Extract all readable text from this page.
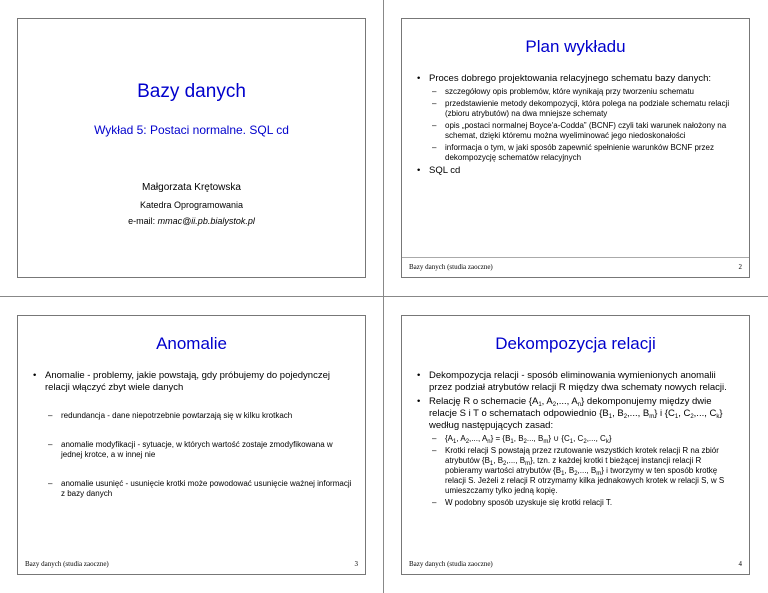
Bazy danych
Wykład 5: Postaci normalne. SQL cd
Małgorzata Krętowska
Katedra Oprogramowania
e-mail: mmac@ii.pb.bialystok.pl
Plan wykładu
• Proces dobrego projektowania relacyjnego schematu bazy danych:
– szczegółowy opis problemów, które wynikają przy tworzeniu schematu
– przedstawienie metody dekompozycji, która polega na podziale schematu relacji (zbioru atrybutów) na dwa mniejsze schematy
– opis „postaci normalnej Boyce'a-Codda” (BCNF) czyli taki warunek nałożony na schemat, dzięki któremu można wyeliminować jego niedoskonałości
– informacja o tym, w jaki sposób zapewnić spełnienie warunków BCNF przez dekompozycję schematów relacyjnych
• SQL cd
Bazy danych (studia zaoczne)	2
Anomalie
• Anomalie - problemy, jakie powstają, gdy próbujemy do pojedynczej relacji włączyć zbyt wiele danych
– redundancja - dane niepotrzebnie powtarzają się w kilku krotkach
– anomalie modyfikacji - sytuacje, w których wartość zostaje zmodyfikowana w jednej krotce, a w innej nie
– anomalie usunięć - usunięcie krotki może powodować usunięcie ważnej informacji z bazy danych
Bazy danych (studia zaoczne)	3
Dekompozycja relacji
• Dekompozycja relacji - sposób eliminowania wymienionych anomalii przez podział atrybutów relacji R między dwa schematy nowych relacji.
• Relację R o schemacie {$A_1$, $A_2$,..., $A_n$} dekomponujemy między dwie relacje S i T o schematach odpowiednio {$B_1$, $B_2$,..., $B_m$} i {$C_1$, $C_2$,..., $C_k$} według następujących zasad:
– {$A_1$, $A_2$,..., $A_n\} = \{B_1$, $B_2$..., $B_m$} ∪ {$C_1$, $C_2$,..., $C_k$}
– Krotki relacji S powstają przez rzutowanie wszystkich krotek relacji R na zbiór atrybutów {$B_1$, $B_2$,..., $B_m$}, tzn. z każdej krotki t bieżącej instancji relacji R pobieramy wartości atrybutów {$B_1$, $B_2$,..., $B_m$} i tworzymy w ten sposób krotkę relacji S. Jeżeli z relacji R otrzymamy kilka jednakowych krotek w relacji S, w S umieszczamy tylko jedną kopię.
– W podobny sposób uzyskuje się krotki relacji T.
Bazy danych (studia zaoczne)	4
